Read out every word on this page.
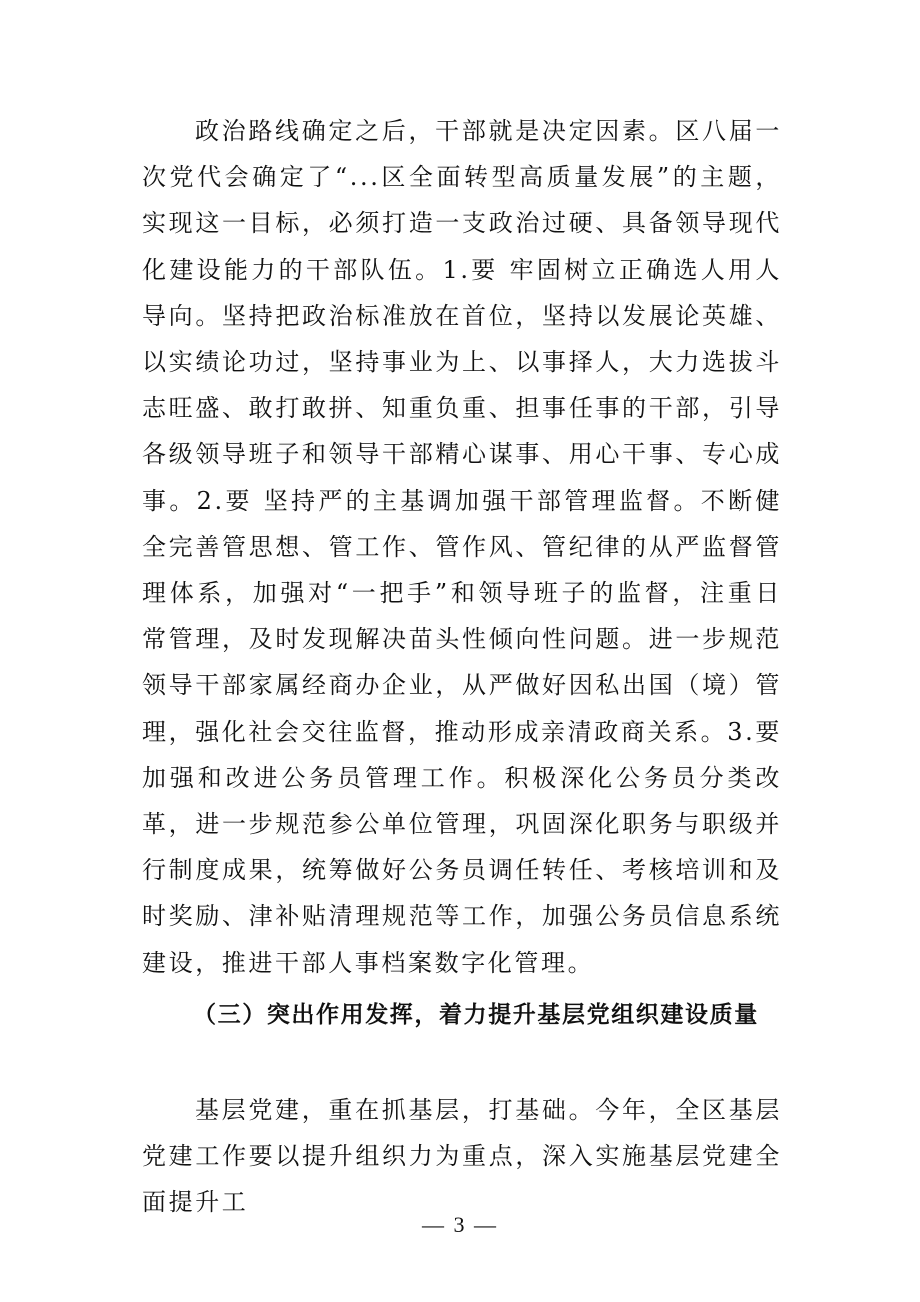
政治路线确定之后，干部就是决定因素。区八届一次党代会确定了“...区全面转型高质量发展”的主题，实现这一目标，必须打造一支政治过硬、具备领导现代化建设能力的干部队伍。1.要 牢固树立正确选人用人导向。坚持把政治标准放在首位，坚持以发展论英雄、以实绩论功过，坚持事业为上、以事择人，大力选拔斗志旺盛、敢打敢拼、知重负重、担事任事的干部，引导各级领导班子和领导干部精心谋事、用心干事、专心成事。2.要 坚持严的主基调加强干部管理监督。不断健全完善管思想、管工作、管作风、管纪律的从严监督管理体系，加强对“一把手”和领导班子的监督，注重日常管理，及时发现解决苗头性倾向性问题。进一步规范领导干部家属经商办企业，从严做好因私出国（境）管理，强化社会交往监督，推动形成亲清政商关系。3.要加强和改进公务员管理工作。积极深化公务员分类改革，进一步规范参公单位管理，巩固深化职务与职级并行制度成果，统筹做好公务员调任转任、考核培训和及时奖励、津补贴清理规范等工作，加强公务员信息系统建设，推进干部人事档案数字化管理。

（三）突出作用发挥，着力提升基层党组织建设质量

基层党建，重在抓基层，打基础。今年，全区基层党建工作要以提升组织力为重点，深入实施基层党建全面提升工

— 3 —
